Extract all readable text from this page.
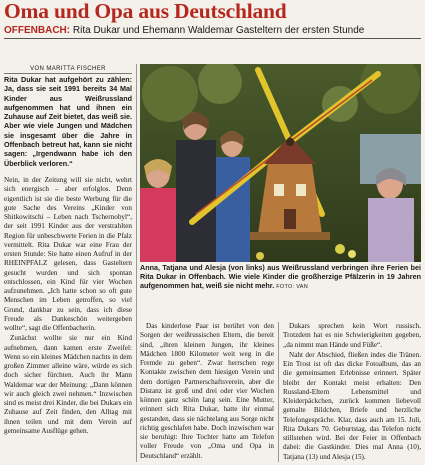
Oma und Opa aus Deutschland
OFFENBACH: Rita Dukar und Ehemann Waldemar Gasteltern der ersten Stunde
VON MARITTA FISCHER
Rita Dukar hat aufgehört zu zählen: Ja, dass sie seit 1991 bereits 34 Mal Kinder aus Weißrussland aufgenommen hat und ihnen ein Zuhause auf Zeit bietet, das weiß sie. Aber wie viele Jungen und Mädchen sie insgesamt über die Jahre in Offenbach betreut hat, kann sie nicht sagen: „Irgendwann habe ich den Überblick verloren.“

Nein, in der Zeitung will sie nicht, wehrt sich energisch – aber erfolglos. Denn eigentlich ist sie die beste Werbung für die gute Sache des Vereins „Kinder von Shitkowitschi – Leben nach Tschernobyl“, der seit 1991 Kinder aus der verstrahlten Region für unbeschwerte Ferien in die Pfalz vermittelt. Rita Dukar war eine Frau der ersten Stunde: Sie hatte einen Aufruf in der RHEINPFALZ gelesen, dass Gasteltern gesucht wurden und sich spontan entschlossen, ein Kind für vier Wochen aufzunehmen. „Ich hatte schon so oft gute Menschen im Leben getroffen, so viel Grund, dankbar zu sein, dass ich diese Freude als Dankeschön weitergeben wollte“, sagt die Offenbacherin.

Zunächst wollte sie nur ein Kind aufnehmen, dann kamen erste Zweifel: Wenn so ein kleines Mädchen nachts in dem großen Zimmer alleine wäre, würde es sich doch sicher fürchten. Auch ihr Mann Waldemar war der Meinung: „Dann können wir auch gleich zwei nehmen.“ Inzwischen sind es meist drei Kinder, die bei Dukars ein Zuhause auf Zeit finden, den Alltag mit ihnen teilen und mit dem Verein auf gemeinsame Ausflüge gehen.

Anna, Tatjana und Alesja (von links) aus Weißrussland verbringen ihre Ferien bei Rita Dukar in Offenbach. Wie viele Kinder die großherzige Pfälzerin in 19 Jahren aufgenommen hat, weiß sie nicht mehr. FOTO: VAN

Das kinderlose Paar ist berührt von den Sorgen der weißrussischen Eltern, die bereit sind, „ihren kleinen Jungen, ihr kleines Mädchen 1800 Kilometer weit weg in die Fremde zu geben“. Zwar herrschen rege Kontakte zwischen dem hiesigen Verein und dem dortigen Partnerschaftsverein, aber die Distanz ist groß und drei oder vier Wochen können ganz schön lang sein. Eine Mutter, erinnert sich Rita Dukar, hatte ihr einmal gestanden, dass sie nächtelang aus Sorge nicht richtig geschlafen habe. Doch inzwischen war sie beruhigt: Ihre Tochter hatte am Telefon voller Freude von „Oma und Opa in Deutschland“ erzählt.

Dukars sprechen kein Wort russisch. Trotzdem hat es nie Schwierigkeiten gegeben, „da nimmt man Hände und Füße“.

Naht der Abschied, fließen indes die Tränen. Ein Trost ist oft das dicke Fotoalbum, das an die gemeinsamen Erlebnisse erinnert. Später bleibt der Kontakt meist erhalten: Den Russland-Eltern Lebensmittel und Kleiderpäckchen, zurück kommen liebevoll gemalte Bildchen, Briefe und herzliche Telefongespräche. Klar, dass auch am 15. Juli, Rita Dukars 70. Geburtstag, das Telefon nicht stillstehen wird. Bei der Feier in Offenbach dabei: die Gastkinder. Dies mal Anna (10), Tatjana (13) und Alesja (15).
